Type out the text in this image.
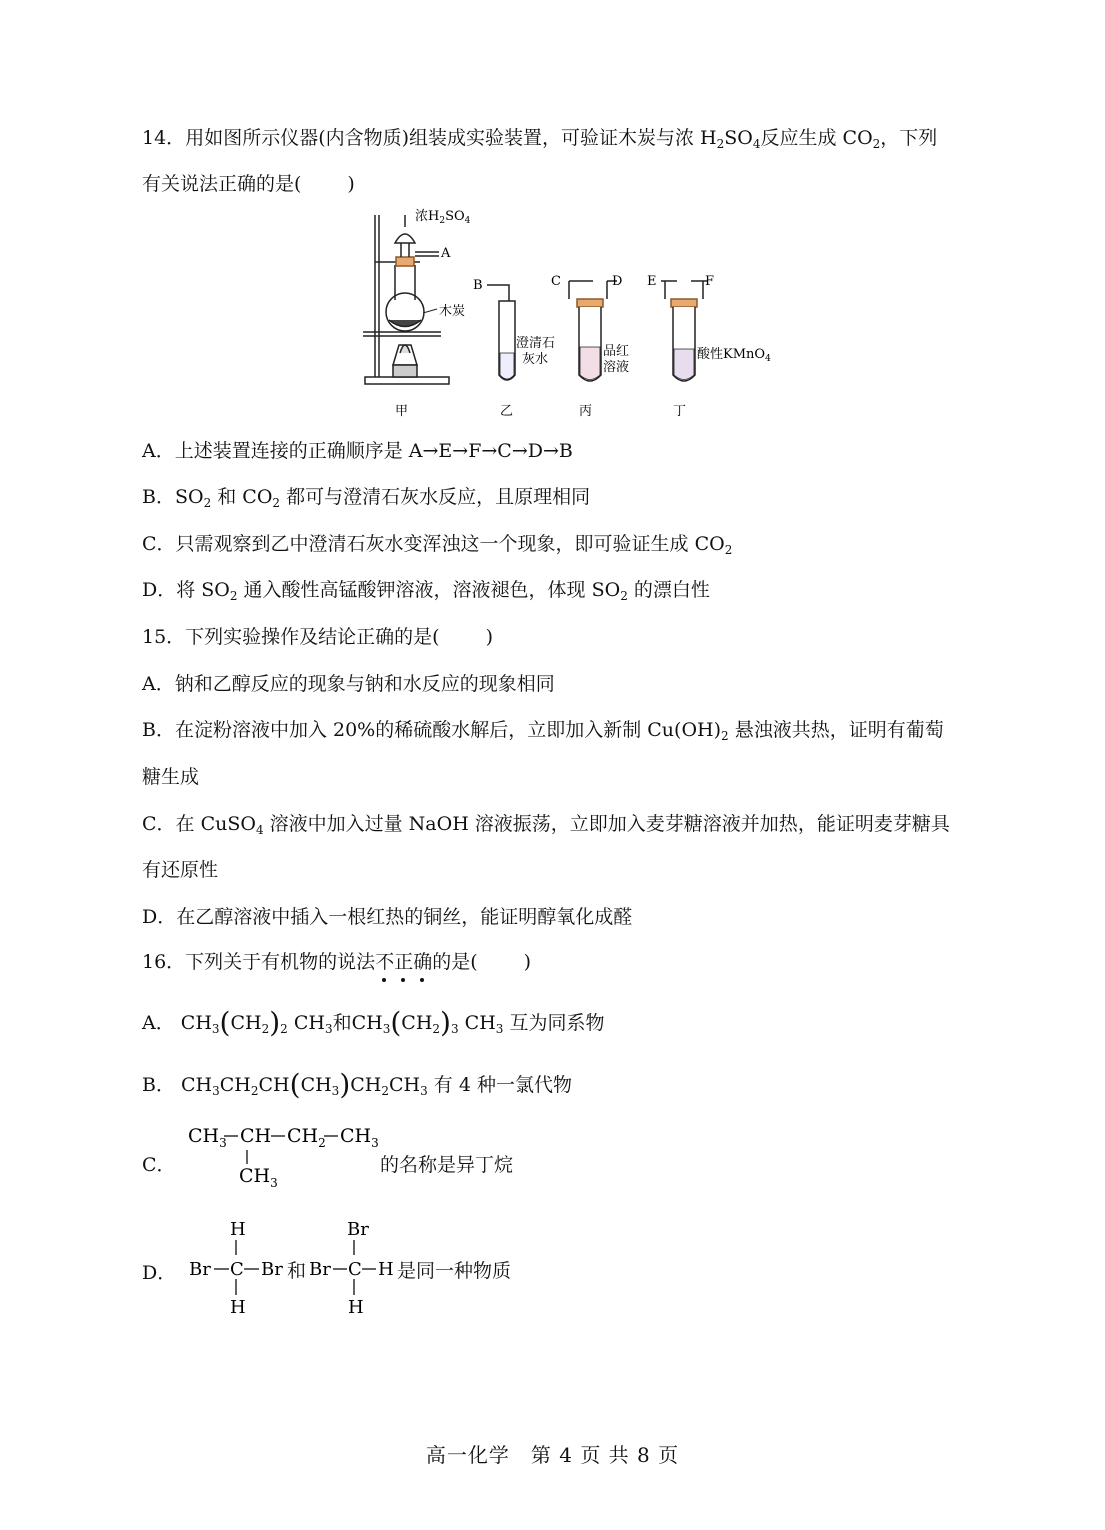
14．用如图所示仪器(内含物质)组装成实验装置，可验证木炭与浓 $H_2SO_4$反应生成 $CO_2$，下列
有关说法正确的是( )
浓$H_2SO_4$
A
木炭
B
澄清石
灰水
C	D
品红
溶液
E	F
酸性KMnO$_4$
甲	乙	丙	丁
A．上述装置连接的正确顺序是 A→E→F→C→D→B
B．$SO_2$ 和 $CO_2$ 都可与澄清石灰水反应，且原理相同
C．只需观察到乙中澄清石灰水变浑浊这一个现象，即可验证生成 $CO_2$
D．将 $SO_2$ 通入酸性高锰酸钾溶液，溶液褪色，体现 $SO_2$ 的漂白性
15．下列实验操作及结论正确的是( )
A．钠和乙醇反应的现象与钠和水反应的现象相同
B．在淀粉溶液中加入 20%的稀硫酸水解后，立即加入新制 $Cu(OH)_2$ 悬浊液共热，证明有葡萄
糖生成
C．在 CuSO$_4$ 溶液中加入过量 NaOH 溶液振荡，立即加入麦芽糖溶液并加热，能证明麦芽糖具
有还原性
D．在乙醇溶液中插入一根红热的铜丝，能证明醇氧化成醛
16．下列关于有机物的说法不正确
的是( )
A． $CH_3(CH_2)_2$ $CH_3$和$CH_3(CH_2)_3$ $CH_3$ 互为同系物
B． $CH_3CH_2CH(CH_3)CH_2CH_3$ 有 4 种一氯代物
C．
$CH_3$ CH $CH_2$ $CH_3$
$CH_3$
的名称是异丁烷
D．
H
Br C Br
H
和
Br
Br C H
H
是同一种物质
高一化学　第 4 页 共 8 页
